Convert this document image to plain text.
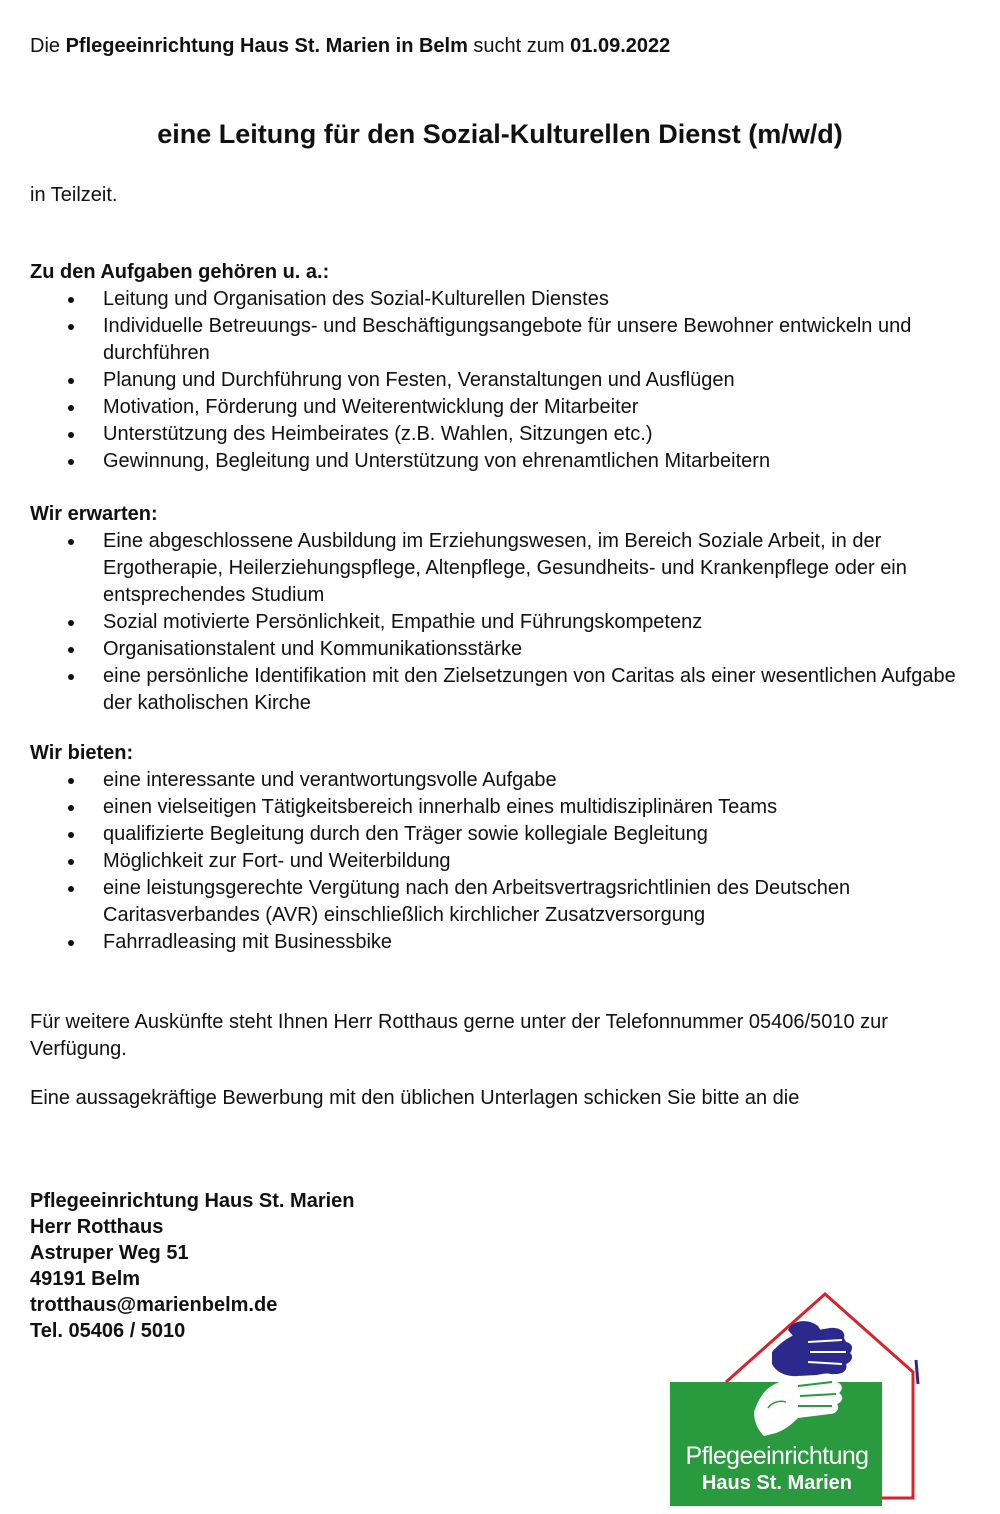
Die Pflegeeinrichtung Haus St. Marien in Belm sucht zum 01.09.2022
eine Leitung für den Sozial-Kulturellen Dienst (m/w/d)
in Teilzeit.
Zu den Aufgaben gehören u. a.:
Leitung und Organisation des Sozial-Kulturellen Dienstes
Individuelle Betreuungs- und Beschäftigungsangebote für unsere Bewohner entwickeln und durchführen
Planung und Durchführung von Festen, Veranstaltungen und Ausflügen
Motivation, Förderung und Weiterentwicklung der Mitarbeiter
Unterstützung des Heimbeirates (z.B. Wahlen, Sitzungen etc.)
Gewinnung, Begleitung und Unterstützung von ehrenamtlichen Mitarbeitern
Wir erwarten:
Eine abgeschlossene Ausbildung im Erziehungswesen, im Bereich Soziale Arbeit, in der Ergotherapie, Heilerziehungspflege, Altenpflege, Gesundheits- und Krankenpflege oder ein entsprechendes Studium
Sozial motivierte Persönlichkeit, Empathie und Führungskompetenz
Organisationstalent und Kommunikationsstärke
eine persönliche Identifikation mit den Zielsetzungen von Caritas als einer wesentlichen Aufgabe der katholischen Kirche
Wir bieten:
eine interessante und verantwortungsvolle Aufgabe
einen vielseitigen Tätigkeitsbereich innerhalb eines multidisziplinären Teams
qualifizierte Begleitung durch den Träger sowie kollegiale Begleitung
Möglichkeit zur Fort- und Weiterbildung
eine leistungsgerechte Vergütung nach den Arbeitsvertragsrichtlinien des Deutschen Caritasverbandes (AVR) einschließlich kirchlicher Zusatzversorgung
Fahrradleasing mit Businessbike
Für weitere Auskünfte steht Ihnen Herr Rotthaus gerne unter der Telefonnummer 05406/5010 zur Verfügung.
Eine aussagekräftige Bewerbung mit den üblichen Unterlagen schicken Sie bitte an die
Pflegeeinrichtung Haus St. Marien
Herr Rotthaus
Astruper Weg 51
49191 Belm
trotthaus@marienbelm.de
Tel. 05406 / 5010
Pflegeeinrichtung
Haus St. Marien
